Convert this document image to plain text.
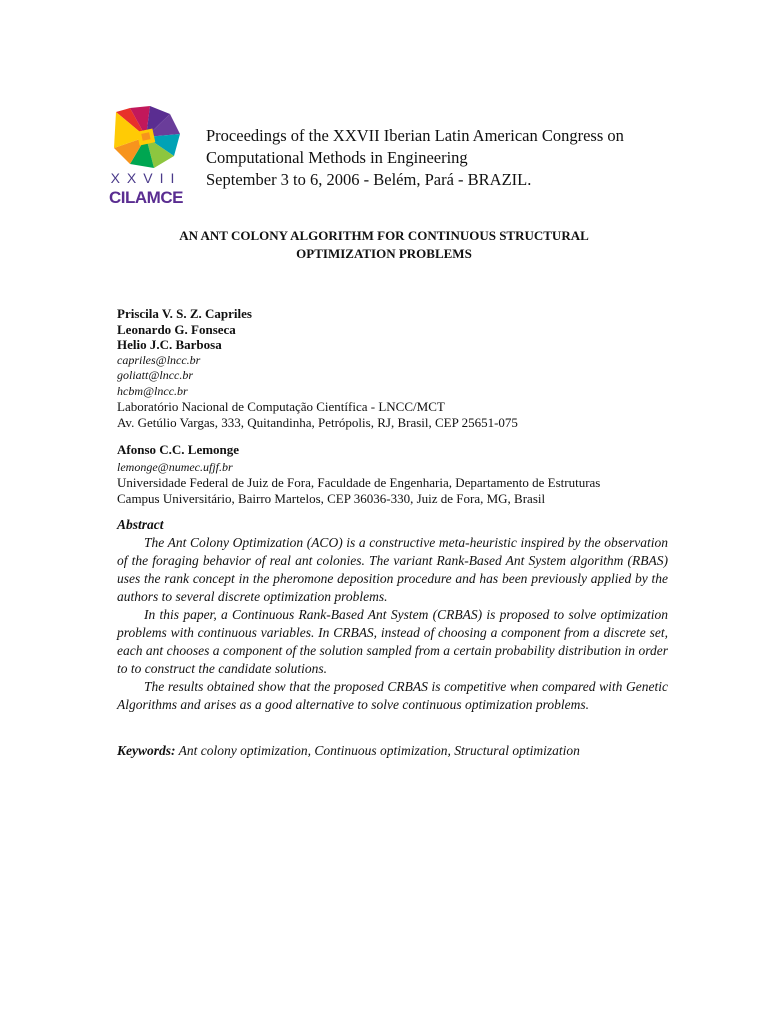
XXVII
CILAMCE
Proceedings of the XXVII Iberian Latin American Congress on
Computational Methods in Engineering
September 3 to 6, 2006 - Belém, Pará - BRAZIL.
AN ANT COLONY ALGORITHM FOR CONTINUOUS STRUCTURAL
OPTIMIZATION PROBLEMS
Priscila V. S. Z. Capriles
Leonardo G. Fonseca
Helio J.C. Barbosa
capriles@lncc.br
goliatt@lncc.br
hcbm@lncc.br
Laboratório Nacional de Computação Científica - LNCC/MCT
Av. Getúlio Vargas, 333, Quitandinha, Petrópolis, RJ, Brasil, CEP 25651-075
Afonso C.C. Lemonge
lemonge@numec.ufjf.br
Universidade Federal de Juiz de Fora, Faculdade de Engenharia, Departamento de Estruturas
Campus Universitário, Bairro Martelos, CEP 36036-330, Juiz de Fora, MG, Brasil
Abstract

The Ant Colony Optimization (ACO) is a constructive meta-heuristic inspired by the observation of the foraging behavior of real ant colonies. The variant Rank-Based Ant System algorithm (RBAS) uses the rank concept in the pheromone deposition procedure and has been previously applied by the authors to several discrete optimization problems.

In this paper, a Continuous Rank-Based Ant System (CRBAS) is proposed to solve optimization problems with continuous variables. In CRBAS, instead of choosing a component from a discrete set, each ant chooses a component of the solution sampled from a certain probability distribution in order to to construct the candidate solutions.

The results obtained show that the proposed CRBAS is competitive when compared with Genetic Algorithms and arises as a good alternative to solve continuous optimization problems.

Keywords: Ant colony optimization, Continuous optimization, Structural optimization
